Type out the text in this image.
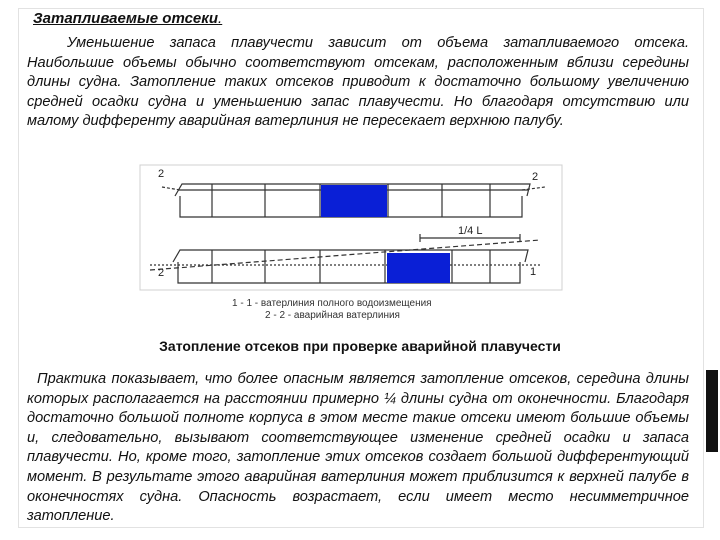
Затапливаемые отсеки.

Уменьшение запаса плавучести зависит от объема затапливаемого отсека. Наибольшие объемы обычно соответствуют отсекам, расположенным вблизи середины длины судна. Затопление таких отсеков приводит к достаточно большому увеличению средней осадки судна и уменьшению запас плавучести. Но благодаря отсутствию или малому дифференту аварийная ватерлиния не пересекает верхнюю палубу.

2	2
2	1
1/4 L
1 - 1 - ватерлиния полного водоизмещения
2 - 2 - аварийная ватерлиния

Затопление отсеков при проверке аварийной плавучести

Практика показывает, что более опасным является затопление отсеков, середина длины которых располагается на расстоянии примерно ¼ длины судна от оконечности. Благодаря достаточно большой полноте корпуса в этом месте такие отсеки имеют большие объемы и, следовательно, вызывают соответствующее изменение средней осадки и запаса плавучести. Но, кроме того, затопление этих отсеков создает большой дифферентующий момент. В результате этого аварийная ватерлиния может приблизится к верхней палубе в оконечностях судна. Опасность возрастает, если имеет место несимметричное затопление.
